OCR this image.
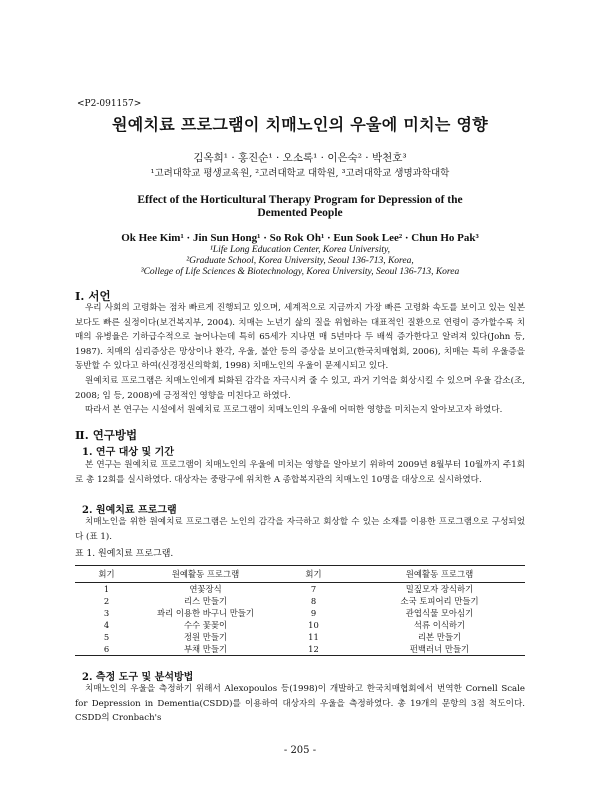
<P2-091157>
원예치료 프로그램이 치매노인의 우울에 미치는 영향
김옥희¹ · 홍진순¹ · 오소록¹ · 이은숙² · 박천호³
¹고려대학교 평생교육원, ²고려대학교 대학원, ³고려대학교 생명과학대학
Effect of the Horticultural Therapy Program for Depression of the
Demented People
Ok Hee Kim¹ · Jin Sun Hong¹ · So Rok Oh¹ · Eun Sook Lee² · Chun Ho Pak³
¹Life Long Education Center, Korea University,
²Graduate School, Korea University, Seoul 136-713, Korea,
³College of Life Sciences & Biotechnology, Korea University, Seoul 136-713, Korea
Ⅰ. 서언

우리 사회의 고령화는 점차 빠르게 진행되고 있으며, 세계적으로 지금까지 가장 빠른 고령화 속도를 보이고 있는 일본보다도 빠른 실정이다(보건복지부, 2004). 치매는 노년기 삶의 질을 위협하는 대표적인 질환으로 연령이 증가할수록 치매의 유병율은 기하급수적으로 늘어나는데 특히 65세가 지나면 매 5년마다 두 배씩 증가한다고 알려져 있다(John 등, 1987). 치매의 심리증상은 망상이나 환각, 우울, 불안 등의 증상을 보이고(한국치매협회, 2006), 치매는 특히 우울증을 동반할 수 있다고 하여(신경정신의학회, 1998) 치매노인의 우울이 문제시되고 있다.

원예치료 프로그램은 치매노인에게 퇴화된 감각을 자극시켜 줄 수 있고, 과거 기억을 회상시킬 수 있으며 우울 감소(조, 2008; 임 등, 2008)에 긍정적인 영향을 미친다고 하였다.

따라서 본 연구는 시설에서 원예치료 프로그램이 치매노인의 우울에 어떠한 영향을 미치는지 알아보고자 하였다.

Ⅱ. 연구방법
1. 연구 대상 및 기간

본 연구는 원예치료 프로그램이 치매노인의 우울에 미치는 영향을 알아보기 위하여 2009년 8월부터 10월까지 주1회로 총 12회를 실시하였다. 대상자는 중랑구에 위치한 A 종합복지관의 치매노인 10명을 대상으로 실시하였다.

2. 원예치료 프로그램

치매노인을 위한 원예치료 프로그램은 노인의 감각을 자극하고 회상할 수 있는 소재를 이용한 프로그램으로 구성되었다 (표 1).

표 1. 원예치료 프로그램.
회기	원예활동 프로그램	회기	원예활동 프로그램
1	연꽃장식	7	밀짚모자 장식하기
2	리스 만들기	8	소국 토피어리 만들기
3	꽈리 이용한 바구니 만들기	9	관엽식물 모아심기
4	수수 꽃꽂이	10	석류 이식하기
5	정원 만들기	11	리본 만들기
6	부채 만들기	12	펀백러너 만들기
2. 측정 도구 및 분석방법

치매노인의 우울을 측정하기 위해서 Alexopoulos 등(1998)이 개발하고 한국치매협회에서 번역한 Cornell Scale for Depression in Dementia(CSDD)를 이용하여 대상자의 우울을 측정하였다. 총 19개의 문항의 3점 척도이다. CSDD의 Cronbach's

- 205 -
